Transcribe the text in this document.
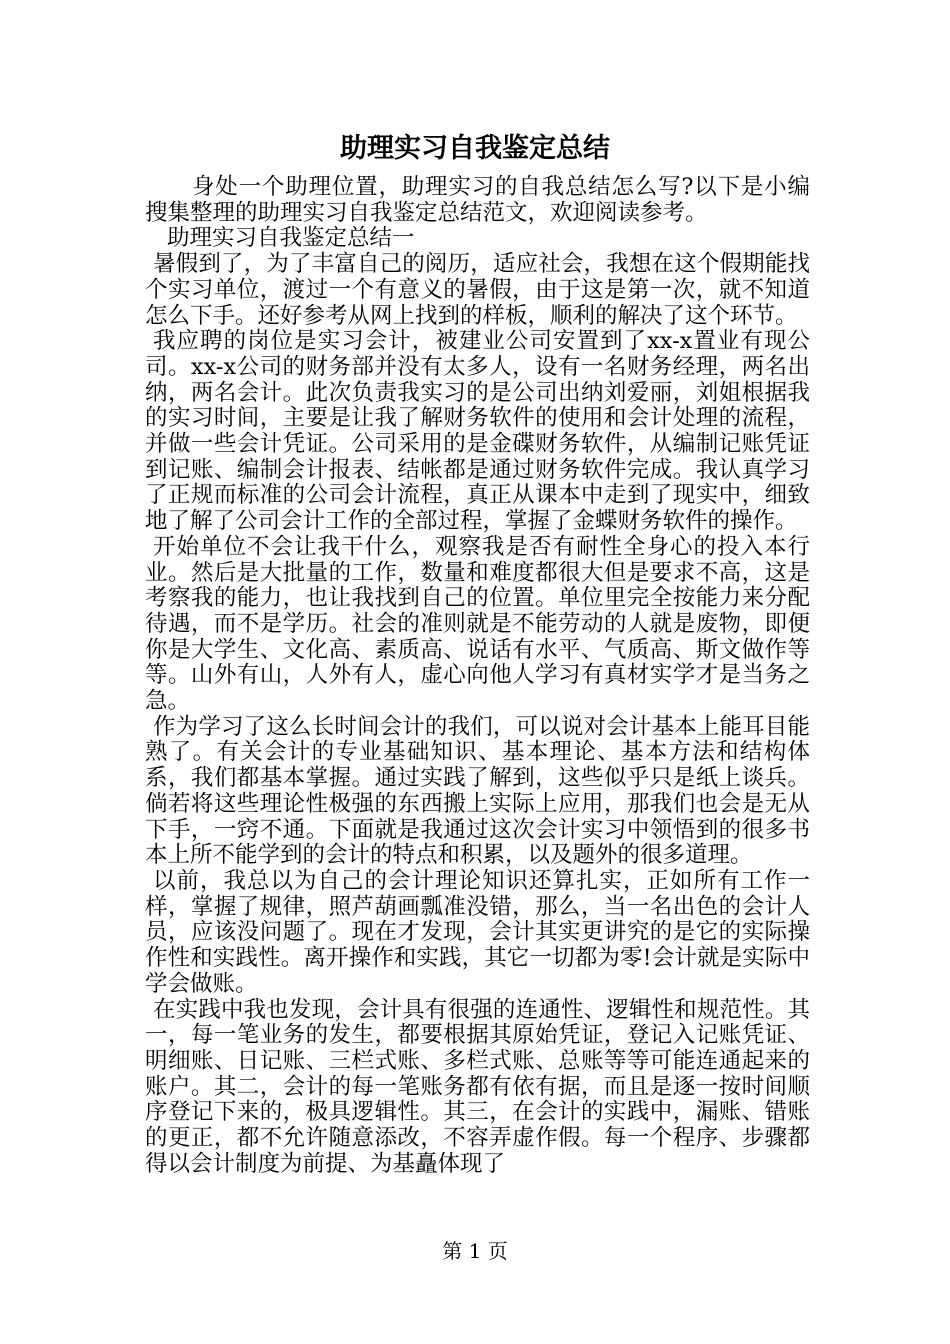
助理实习自我鉴定总结

身处一个助理位置，助理实习的自我总结怎么写?以下是小编搜集整理的助理实习自我鉴定总结范文，欢迎阅读参考。

助理实习自我鉴定总结一

暑假到了，为了丰富自己的阅历，适应社会，我想在这个假期能找个实习单位，渡过一个有意义的暑假，由于这是第一次，就不知道怎么下手。还好参考从网上找到的样板，顺利的解决了这个环节。

我应聘的岗位是实习会计，被建业公司安置到了xx-x置业有现公司。xx-x公司的财务部并没有太多人，设有一名财务经理，两名出纳，两名会计。此次负责我实习的是公司出纳刘爱丽，刘姐根据我的实习时间，主要是让我了解财务软件的使用和会计处理的流程，并做一些会计凭证。公司采用的是金碟财务软件，从编制记账凭证到记账、编制会计报表、结帐都是通过财务软件完成。我认真学习了正规而标准的公司会计流程，真正从课本中走到了现实中，细致地了解了公司会计工作的全部过程，掌握了金蝶财务软件的操作。

开始单位不会让我干什么，观察我是否有耐性全身心的投入本行业。然后是大批量的工作，数量和难度都很大但是要求不高，这是考察我的能力，也让我找到自己的位置。单位里完全按能力来分配待遇，而不是学历。社会的准则就是不能劳动的人就是废物，即便你是大学生、文化高、素质高、说话有水平、气质高、斯文做作等等。山外有山，人外有人，虚心向他人学习有真材实学才是当务之急。

作为学习了这么长时间会计的我们，可以说对会计基本上能耳目能熟了。有关会计的专业基础知识、基本理论、基本方法和结构体系，我们都基本掌握。通过实践了解到，这些似乎只是纸上谈兵。倘若将这些理论性极强的东西搬上实际上应用，那我们也会是无从下手，一窍不通。下面就是我通过这次会计实习中领悟到的很多书本上所不能学到的会计的特点和积累，以及题外的很多道理。

以前，我总以为自己的会计理论知识还算扎实，正如所有工作一样，掌握了规律，照芦葫画瓢准没错，那么，当一名出色的会计人员，应该没问题了。现在才发现，会计其实更讲究的是它的实际操作性和实践性。离开操作和实践，其它一切都为零!会计就是实际中学会做账。

在实践中我也发现，会计具有很强的连通性、逻辑性和规范性。其一，每一笔业务的发生，都要根据其原始凭证，登记入记账凭证、明细账、日记账、三栏式账、多栏式账、总账等等可能连通起来的账户。其二，会计的每一笔账务都有依有据，而且是逐一按时间顺序登记下来的，极具逻辑性。其三，在会计的实践中，漏账、错账的更正，都不允许随意添改，不容弄虚作假。每一个程序、步骤都得以会计制度为前提、为基矗体现了

第 1 页
